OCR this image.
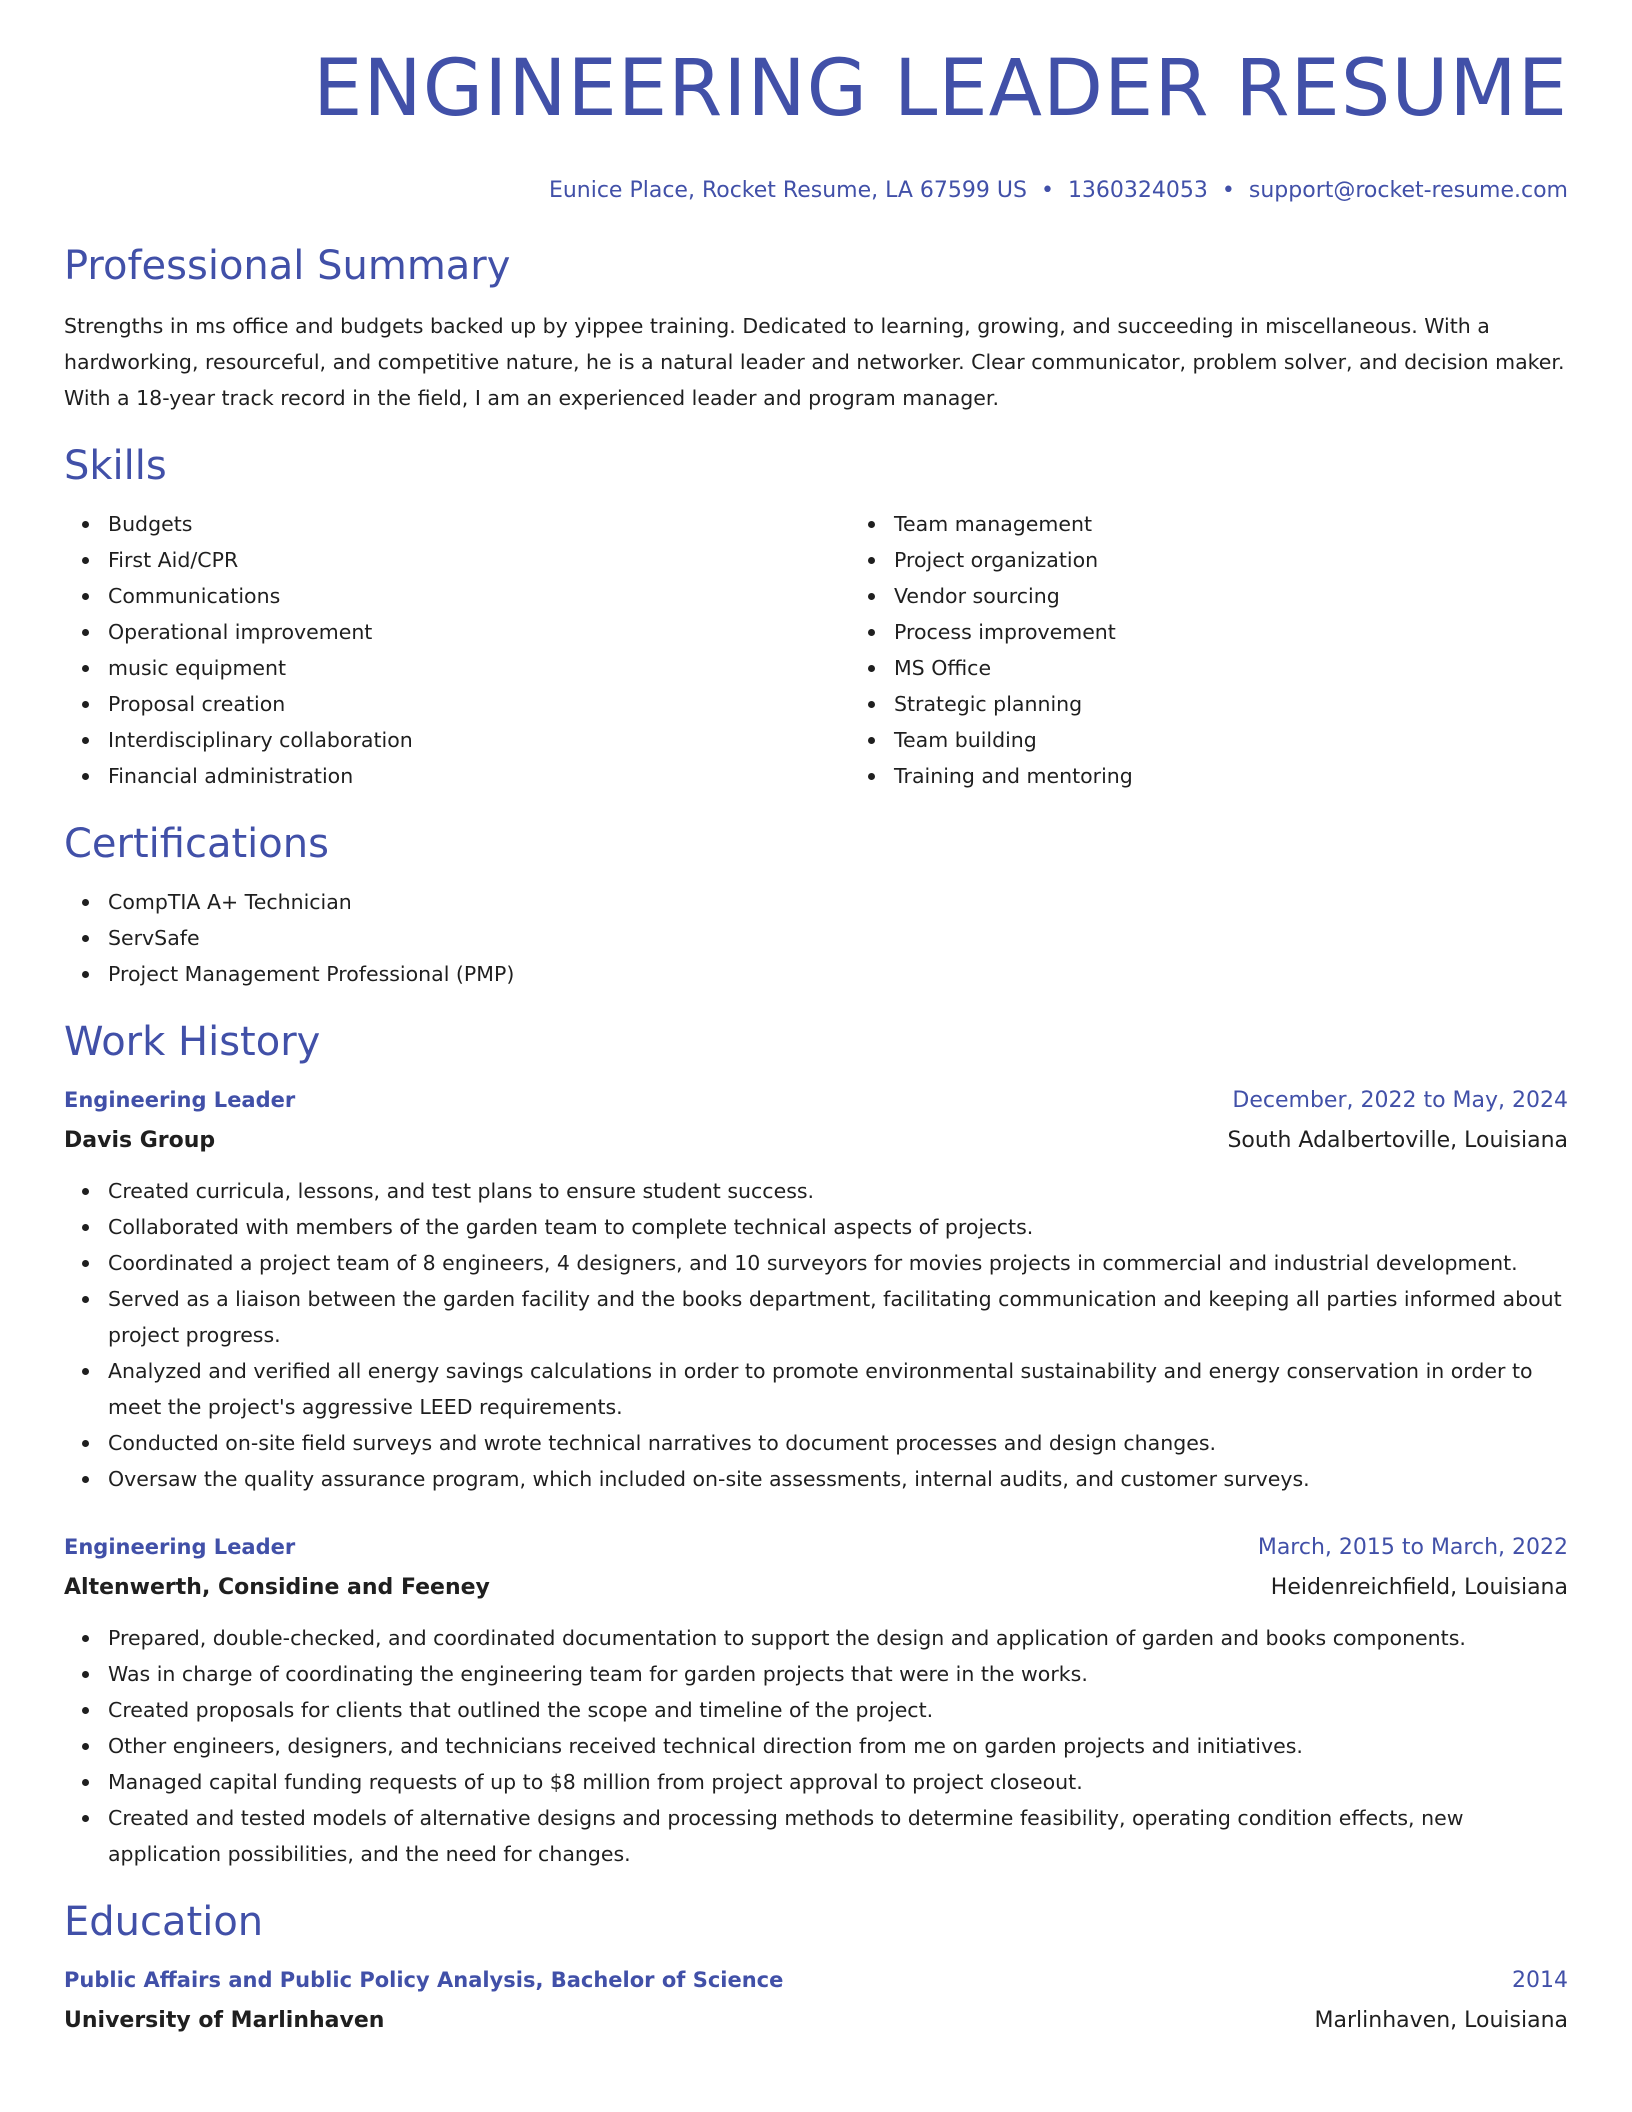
ENGINEERING LEADER RESUME
Eunice Place, Rocket Resume, LA 67599 US • 1360324053 • support@rocket-resume.com
Professional Summary

Strengths in ms office and budgets backed up by yippee training. Dedicated to learning, growing, and succeeding in miscellaneous. With a hardworking, resourceful, and competitive nature, he is a natural leader and networker. Clear communicator, problem solver, and decision maker. With a 18-year track record in the field, I am an experienced leader and program manager.

Skills
Budgets
First Aid/CPR
Communications
Operational improvement
music equipment
Proposal creation
Interdisciplinary collaboration
Financial administration
Team management
Project organization
Vendor sourcing
Process improvement
MS Office
Strategic planning
Team building
Training and mentoring
Certifications
CompTIA A+ Technician
ServSafe
Project Management Professional (PMP)
Work History
Engineering Leader	December, 2022 to May, 2024
Davis Group	South Adalbertoville, Louisiana
Created curricula, lessons, and test plans to ensure student success.
Collaborated with members of the garden team to complete technical aspects of projects.
Coordinated a project team of 8 engineers, 4 designers, and 10 surveyors for movies projects in commercial and industrial development.
Served as a liaison between the garden facility and the books department, facilitating communication and keeping all parties informed about project progress.
Analyzed and verified all energy savings calculations in order to promote environmental sustainability and energy conservation in order to meet the project's aggressive LEED requirements.
Conducted on-site field surveys and wrote technical narratives to document processes and design changes.
Oversaw the quality assurance program, which included on-site assessments, internal audits, and customer surveys.
Engineering Leader	March, 2015 to March, 2022
Altenwerth, Considine and Feeney	Heidenreichfield, Louisiana
Prepared, double-checked, and coordinated documentation to support the design and application of garden and books components.
Was in charge of coordinating the engineering team for garden projects that were in the works.
Created proposals for clients that outlined the scope and timeline of the project.
Other engineers, designers, and technicians received technical direction from me on garden projects and initiatives.
Managed capital funding requests of up to $8 million from project approval to project closeout.
Created and tested models of alternative designs and processing methods to determine feasibility, operating condition effects, new application possibilities, and the need for changes.
Education
Public Affairs and Public Policy Analysis, Bachelor of Science	2014
University of Marlinhaven	Marlinhaven, Louisiana
